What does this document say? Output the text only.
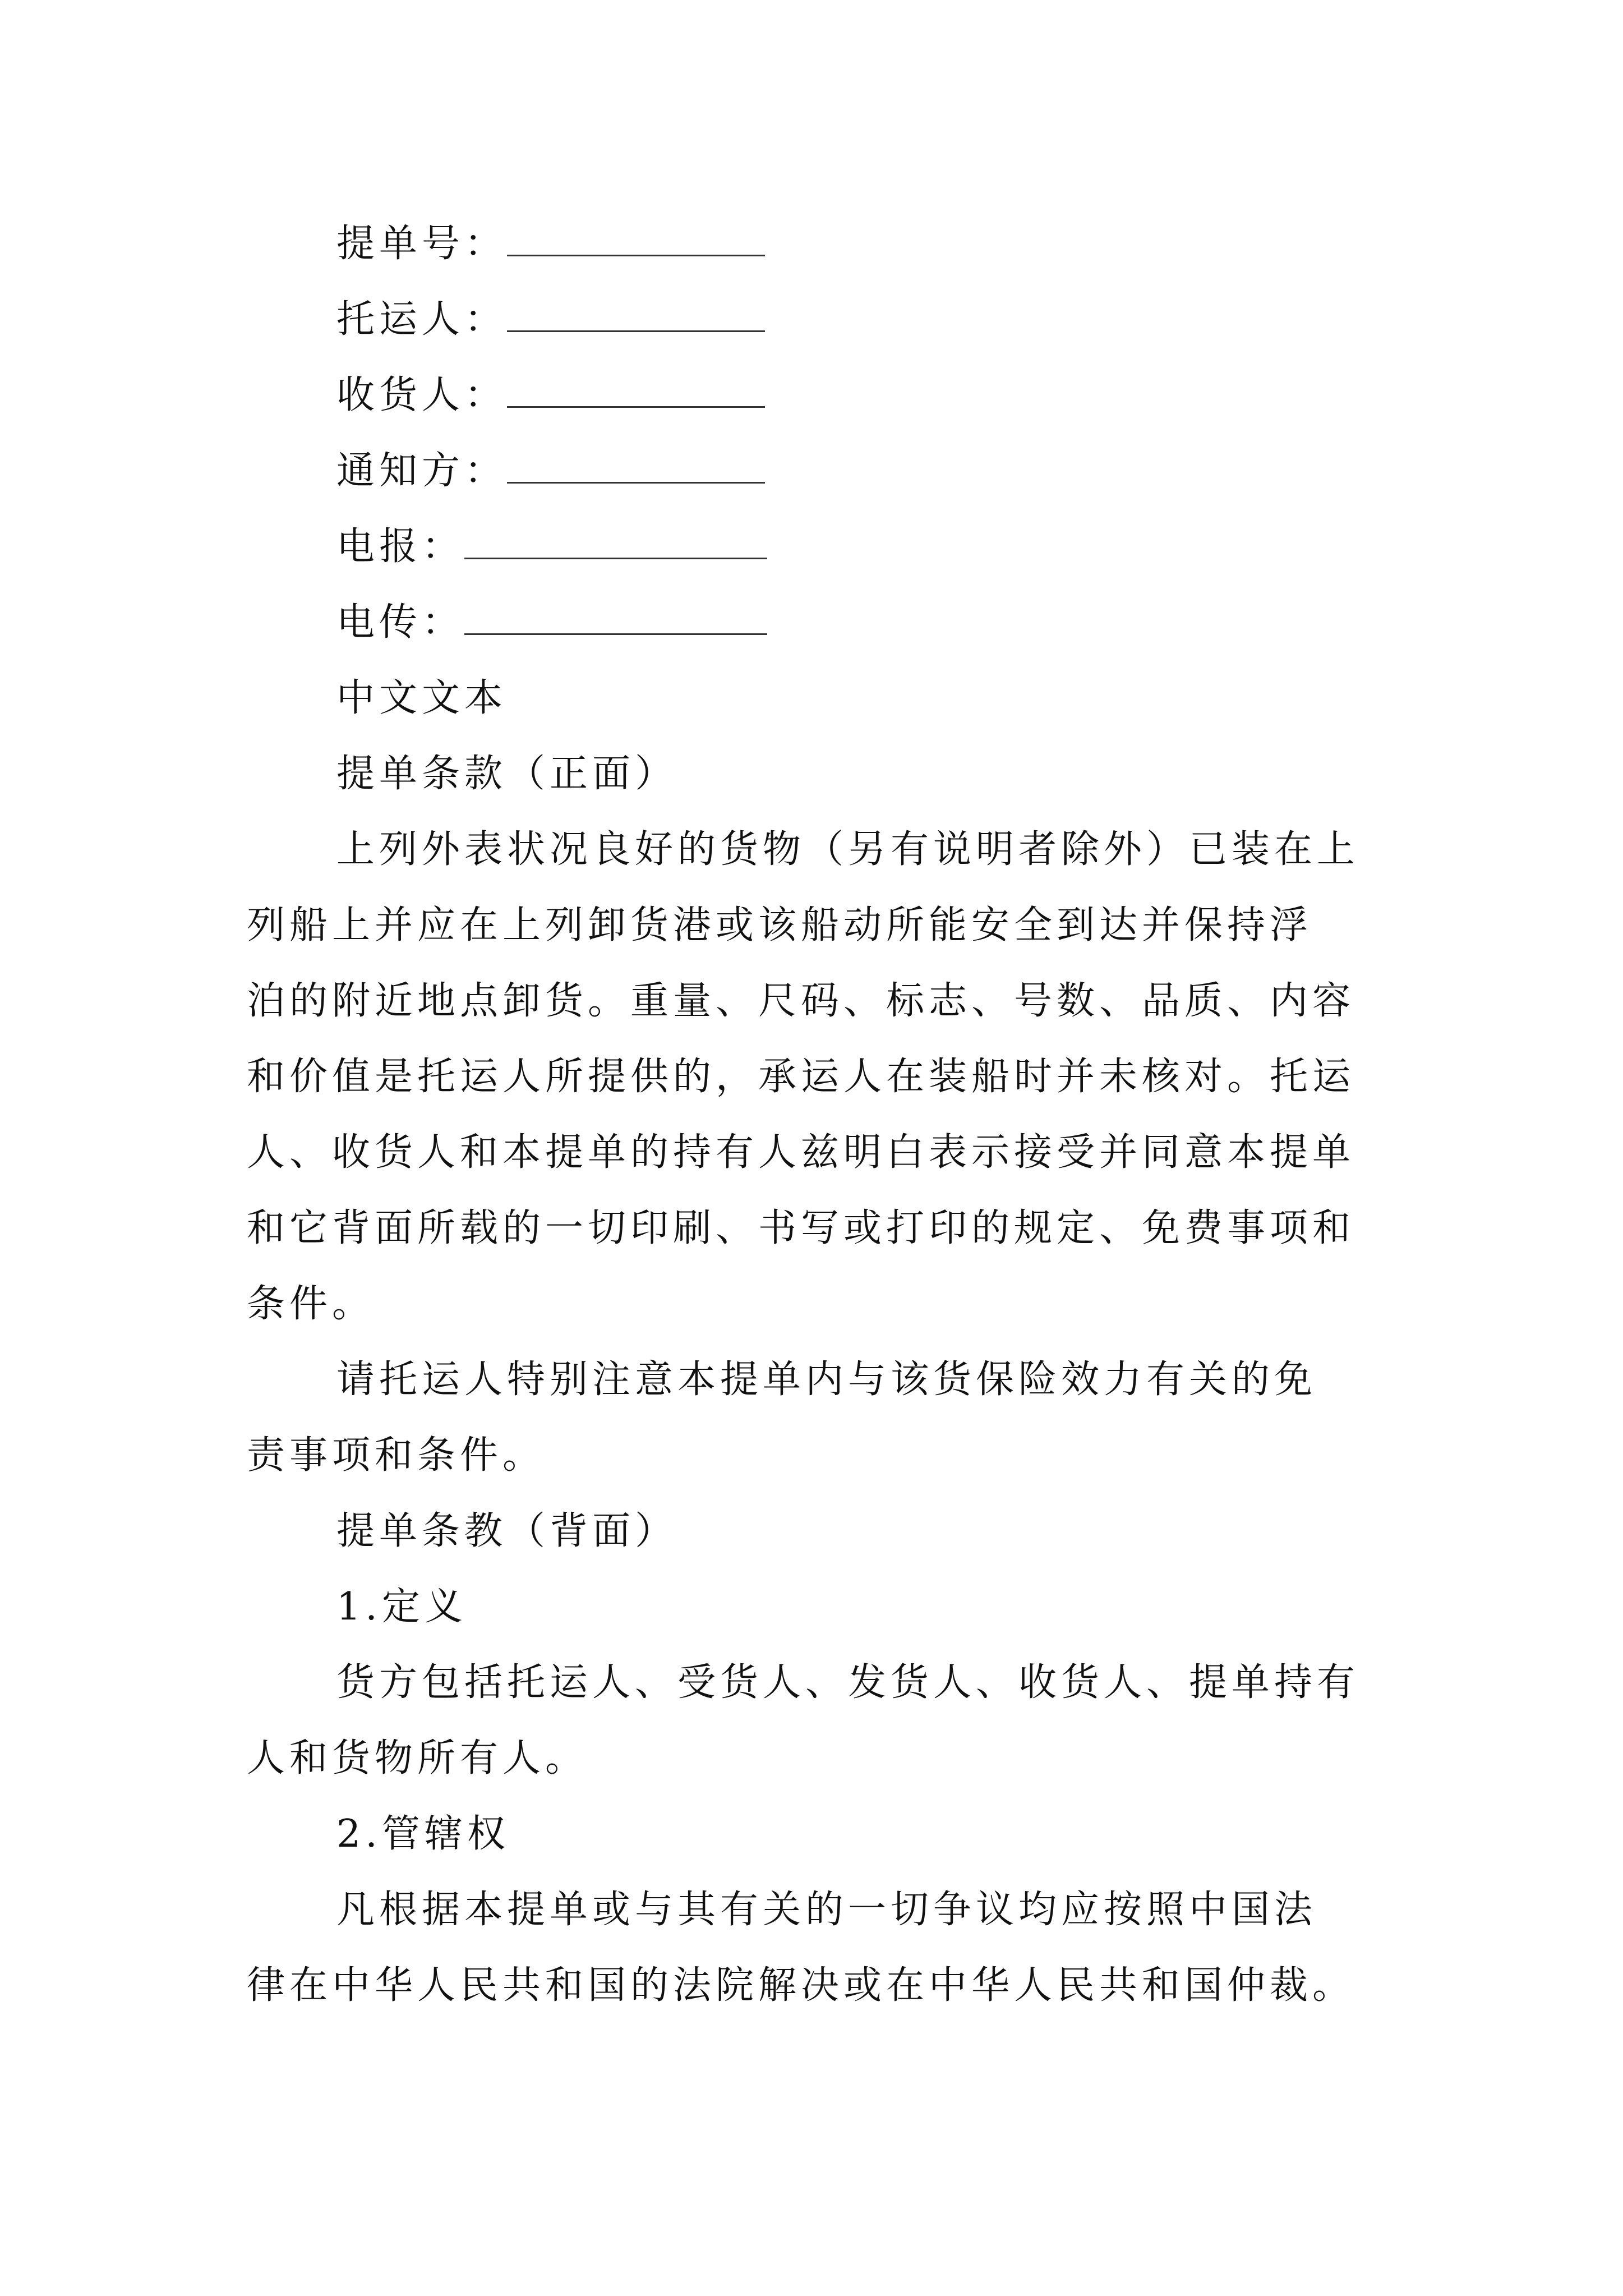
提单号：
托运人：
收货人：
通知方：
电报：
电传：
中文文本
提单条款（正面）
上列外表状况良好的货物（另有说明者除外）已装在上
列船上并应在上列卸货港或该船动所能安全到达并保持浮
泊的附近地点卸货。重量、尺码、标志、号数、品质、内容
和价值是托运人所提供的，承运人在装船时并未核对。托运
人、收货人和本提单的持有人兹明白表示接受并同意本提单
和它背面所载的一切印刷、书写或打印的规定、免费事项和
条件。
请托运人特别注意本提单内与该货保险效力有关的免
责事项和条件。
提单条教（背面）
1.定义
货方包括托运人、受货人、发货人、收货人、提单持有
人和货物所有人。
2.管辖权
凡根据本提单或与其有关的一切争议均应按照中国法
律在中华人民共和国的法院解决或在中华人民共和国仲裁。
